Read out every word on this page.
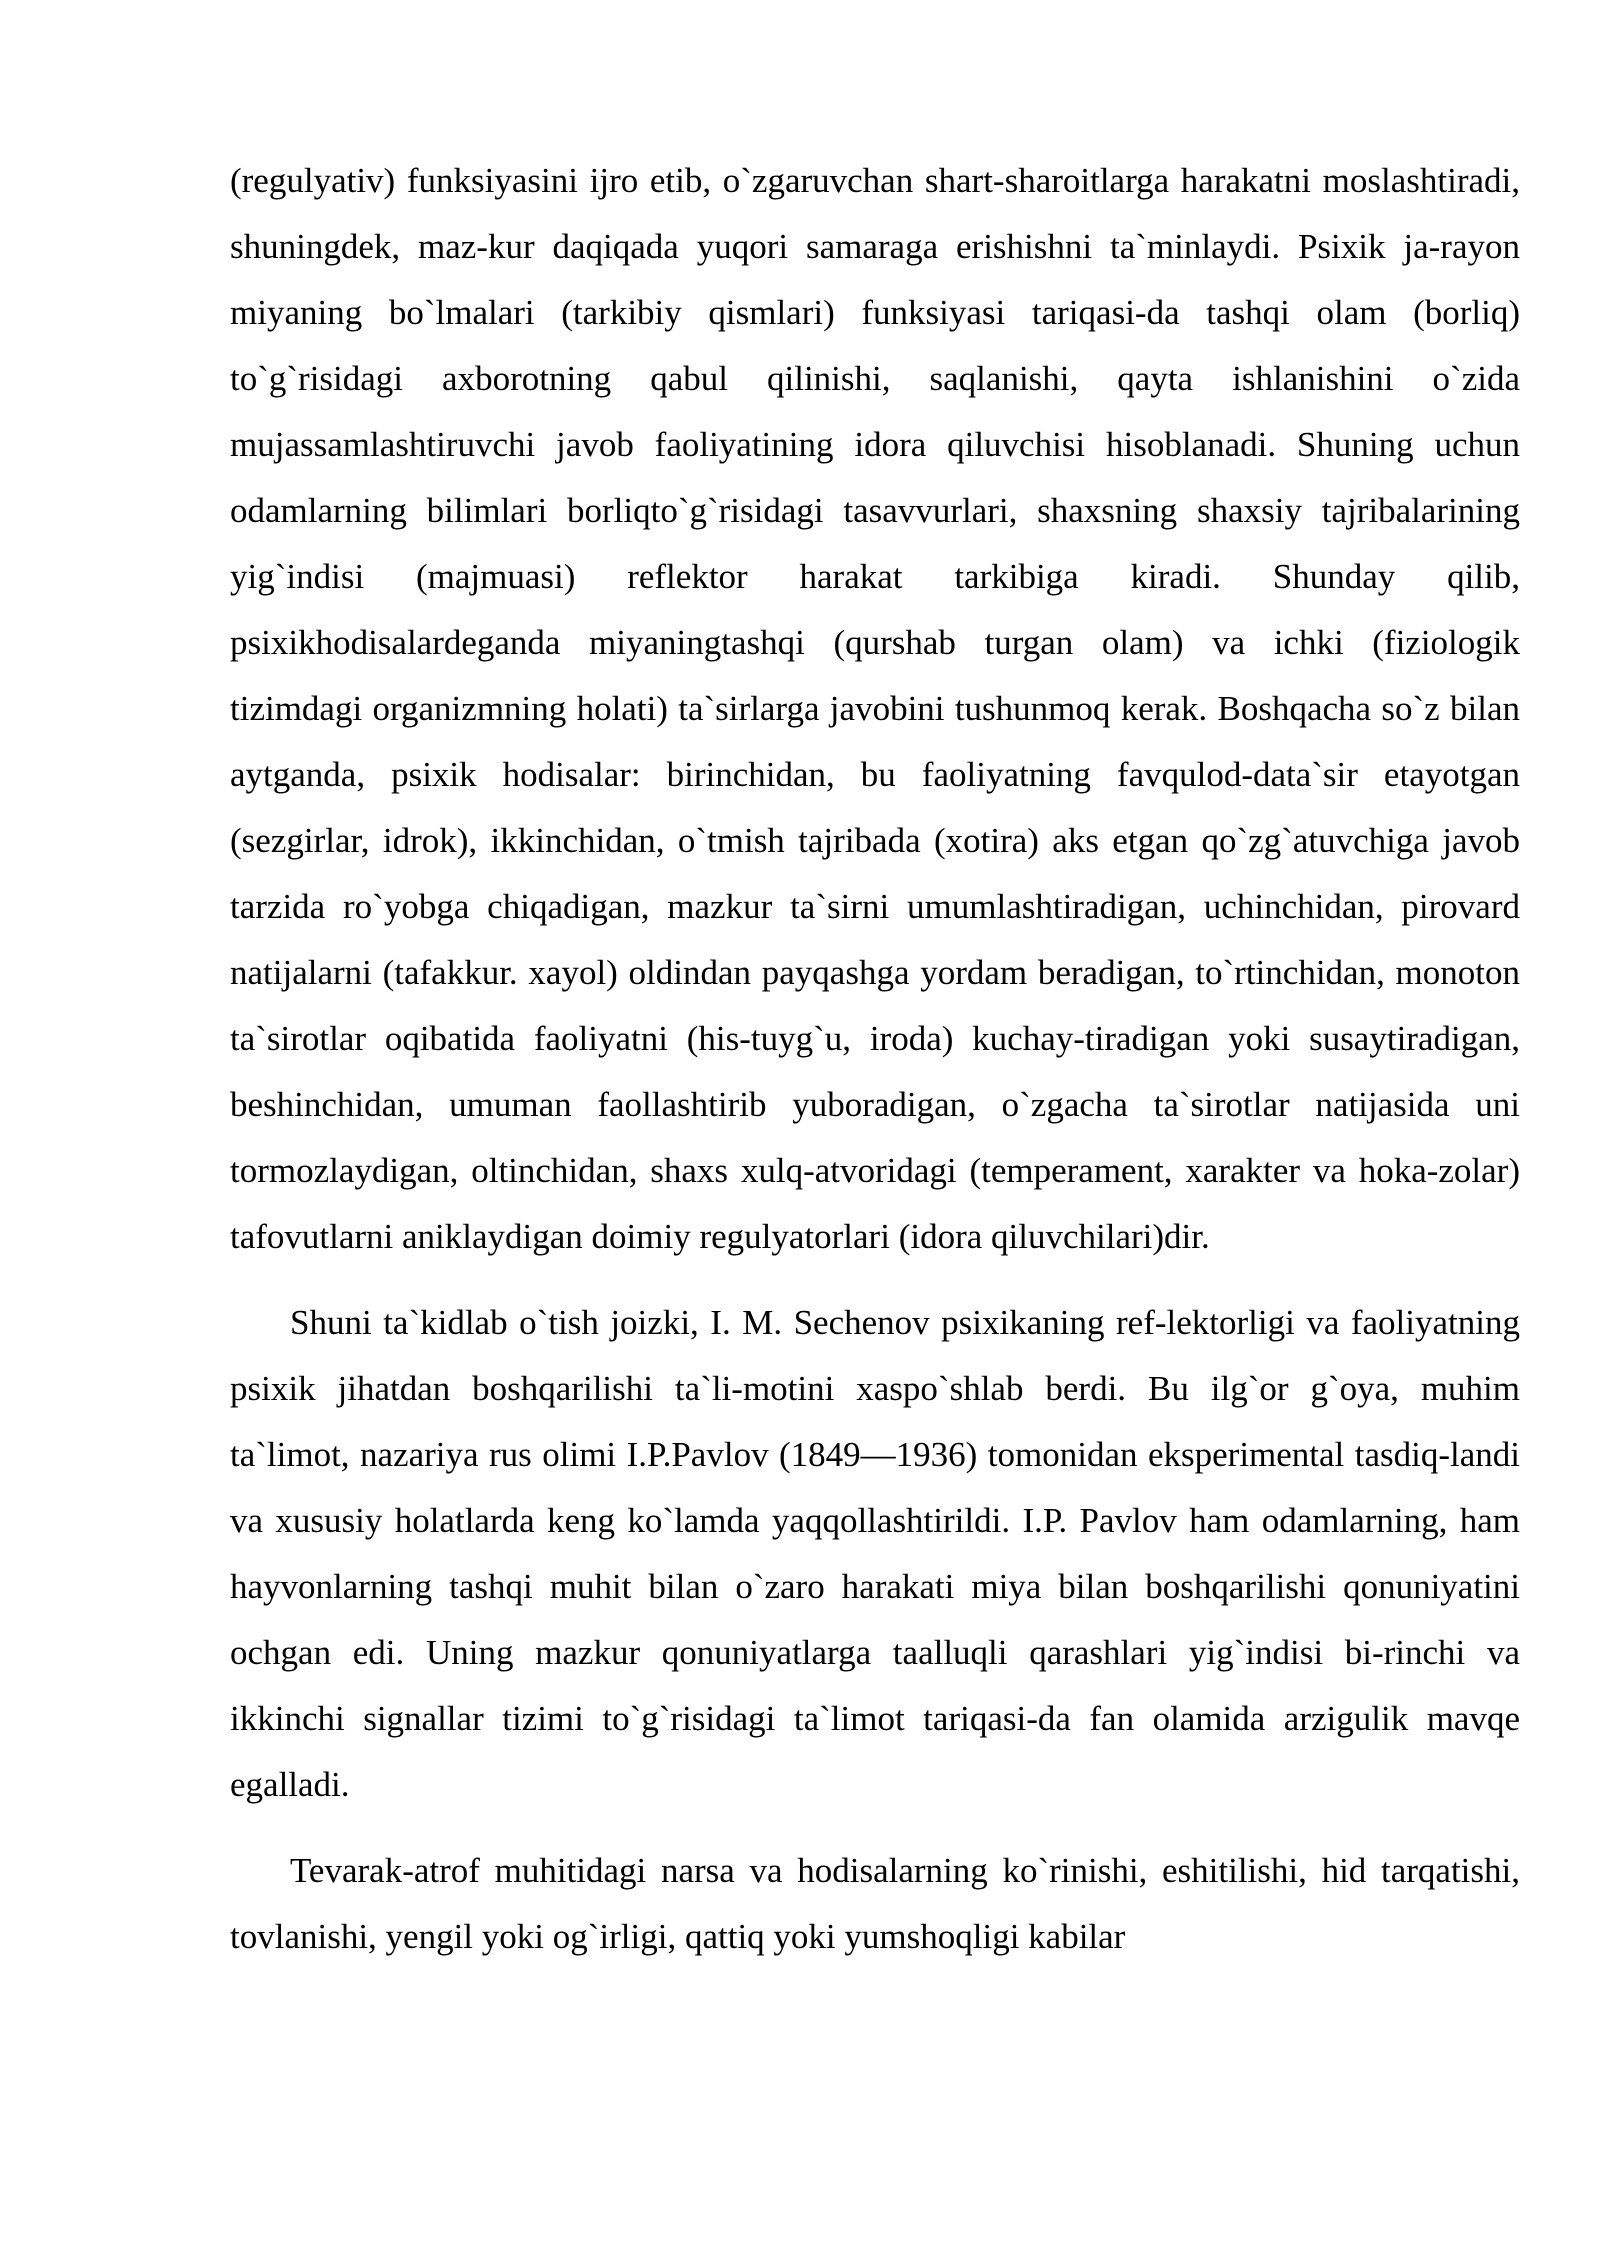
(regulyativ) funksiyasini ijro etib, o`zgaruvchan shart-sharoitlarga harakatni moslashtiradi, shuningdek, maz-kur daqiqada yuqori samaraga erishishni ta`minlaydi. Psixik ja-rayon miyaning bo`lmalari (tarkibiy qismlari) funksiyasi tariqasi-da tashqi olam (borliq) to`g`risidagi axborotning qabul qilinishi, saqlanishi, qayta ishlanishini o`zida mujassamlashtiruvchi javob faoliyatining idora qiluvchisi hisoblanadi. Shuning uchun odamlarning bilimlari borliqto`g`risidagi tasavvurlari, shaxsning shaxsiy tajribalarining yig`indisi (majmuasi) reflektor harakat tarkibiga kiradi. Shunday qilib, psixikhodisalardeganda miyaningtashqi (qurshab turgan olam) va ichki (fiziologik tizimdagi organizmning holati) ta`sirlarga javobini tushunmoq kerak. Boshqacha so`z bilan aytganda, psixik hodisalar: birinchidan, bu faoliyatning favqulod-data`sir etayotgan (sezgirlar, idrok), ikkinchidan, o`tmish tajribada (xotira) aks etgan qo`zg`atuvchiga javob tarzida ro`yobga chiqadigan, mazkur ta`sirni umumlashtiradigan, uchinchidan, pirovard natijalarni (tafakkur. xayol) oldindan payqashga yordam beradigan, to`rtinchidan, monoton ta`sirotlar oqibatida faoliyatni (his-tuyg`u, iroda) kuchay-tiradigan yoki susaytiradigan, beshinchidan, umuman faollashtirib yuboradigan, o`zgacha ta`sirotlar natijasida uni tormozlaydigan, oltinchidan, shaxs xulq-atvoridagi (temperament, xarakter va hoka-zolar) tafovutlarni aniklaydigan doimiy regulyatorlari (idora qiluvchilari)dir.

Shuni ta`kidlab o`tish joizki, I. M. Sechenov psixikaning ref-lektorligi va faoliyatning psixik jihatdan boshqarilishi ta`li-motini xaspo`shlab berdi. Bu ilg`or g`oya, muhim ta`limot, nazariya rus olimi I.P.Pavlov (1849—1936) tomonidan eksperimental tasdiq-landi va xususiy holatlarda keng ko`lamda yaqqollashtirildi. I.P. Pavlov ham odamlarning, ham hayvonlarning tashqi muhit bilan o`zaro harakati miya bilan boshqarilishi qonuniyatini ochgan edi. Uning mazkur qonuniyatlarga taalluqli qarashlari yig`indisi bi-rinchi va ikkinchi signallar tizimi to`g`risidagi ta`limot tariqasi-da fan olamida arzigulik mavqe egalladi.

Tevarak-atrof muhitidagi narsa va hodisalarning ko`rinishi, eshitilishi, hid tarqatishi, tovlanishi, yengil yoki og`irligi, qattiq yoki yumshoqligi kabilar
